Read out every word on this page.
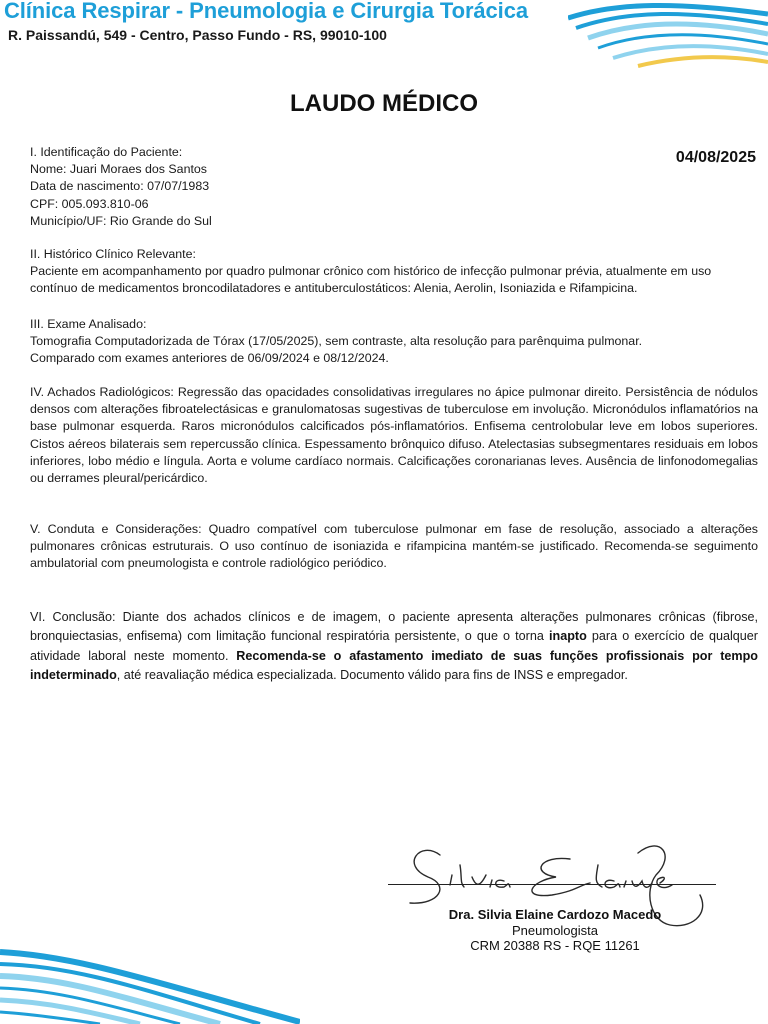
Clínica Respirar - Pneumologia e Cirurgia Torácica
R. Paissandú, 549 - Centro, Passo Fundo - RS, 99010-100
LAUDO MÉDICO
04/08/2025

I. Identificação do Paciente:

Nome: Juari Moraes dos Santos

Data de nascimento: 07/07/1983

CPF: 005.093.810-06

Município/UF: Rio Grande do Sul

II. Histórico Clínico Relevante:

Paciente em acompanhamento por quadro pulmonar crônico com histórico de infecção pulmonar prévia, atualmente em uso contínuo de medicamentos broncodilatadores e antituberculostáticos: Alenia, Aerolin, Isoniazida e Rifampicina.

III. Exame Analisado:

Tomografia Computadorizada de Tórax (17/05/2025), sem contraste, alta resolução para parênquima pulmonar.

Comparado com exames anteriores de 06/09/2024 e 08/12/2024.

IV. Achados Radiológicos: Regressão das opacidades consolidativas irregulares no ápice pulmonar direito. Persistência de nódulos densos com alterações fibroatelectásicas e granulomatosas sugestivas de tuberculose em involução. Micronódulos inflamatórios na base pulmonar esquerda. Raros micronódulos calcificados pós-inflamatórios. Enfisema centrolobular leve em lobos superiores. Cistos aéreos bilaterais sem repercussão clínica. Espessamento brônquico difuso. Atelectasias subsegmentares residuais em lobos inferiores, lobo médio e língula. Aorta e volume cardíaco normais. Calcificações coronarianas leves. Ausência de linfonodomegalias ou derrames pleural/pericárdico.

V. Conduta e Considerações: Quadro compatível com tuberculose pulmonar em fase de resolução, associado a alterações pulmonares crônicas estruturais. O uso contínuo de isoniazida e rifampicina mantém-se justificado. Recomenda-se seguimento ambulatorial com pneumologista e controle radiológico periódico.

VI. Conclusão: Diante dos achados clínicos e de imagem, o paciente apresenta alterações pulmonares crônicas (fibrose, bronquiectasias, enfisema) com limitação funcional respiratória persistente, o que o torna inapto para o exercício de qualquer atividade laboral neste momento. Recomenda-se o afastamento imediato de suas funções profissionais por tempo indeterminado, até reavaliação médica especializada. Documento válido para fins de INSS e empregador.

Dra. Silvia Elaine Cardozo Macedo
Pneumologista
CRM 20388 RS - RQE 11261
